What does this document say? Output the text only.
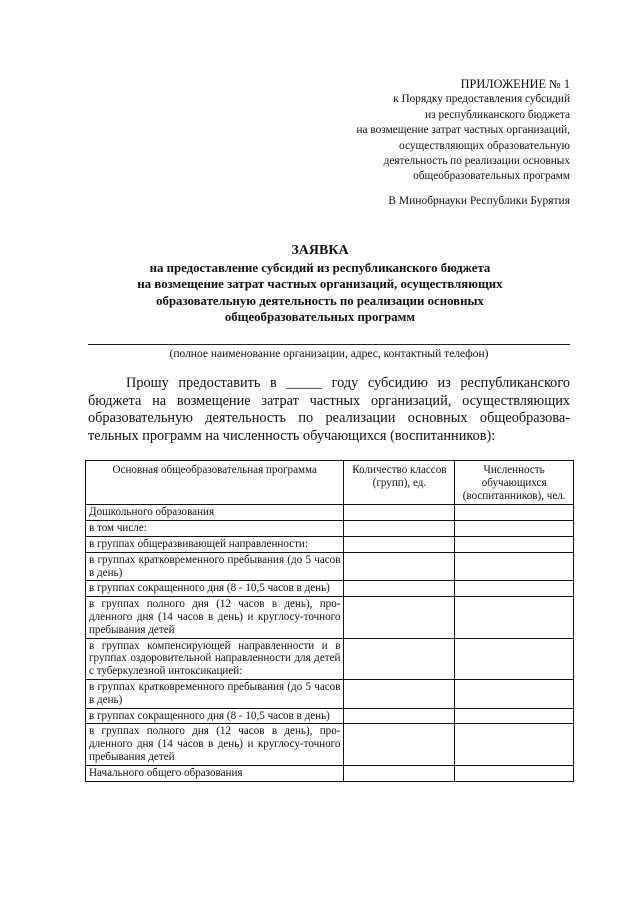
ПРИЛОЖЕНИЕ № 1
к Порядку предоставления субсидий
из республиканского бюджета
на возмещение затрат частных организаций,
осуществляющих образовательную
деятельность по реализации основных
общеобразовательных программ
В Минобрнауки Республики Бурятия
ЗАЯВКА
на предоставление субсидий из республиканского бюджета
на возмещение затрат частных организаций, осуществляющих
образовательную деятельность по реализации основных
общеобразовательных программ
(полное наименование организации, адрес, контактный телефон)

Прошу предоставить в _____ году субсидию из республиканского бюджета на возмещение затрат частных организаций, осуществляющих образовательную деятельность по реализации основных общеобразова-тельных программ на численность обучающихся (воспитанников):

Основная общеобразовательная программа	Количество классов (групп), ед.	Численность обучающихся (воспитанников), чел.
Дошкольного образования		
в том числе:		
в группах общеразвивающей направленности:		
в группах кратковременного пребывания (до 5 часов в день)		
в группах сокращенного дня (8 - 10,5 часов в день)		
в группах полного дня (12 часов в день), про-дленного дня (14 часов в день) и круглосу-точного пребывания детей		
в группах компенсирующей направленности и в группах оздоровительной направленности для детей с туберкулезной интоксикацией:		
в группах кратковременного пребывания (до 5 часов в день)		
в группах сокращенного дня (8 - 10,5 часов в день)		
в группах полного дня (12 часов в день), про-дленного дня (14 часов в день) и круглосу-точного пребывания детей		
Начального общего образования		
